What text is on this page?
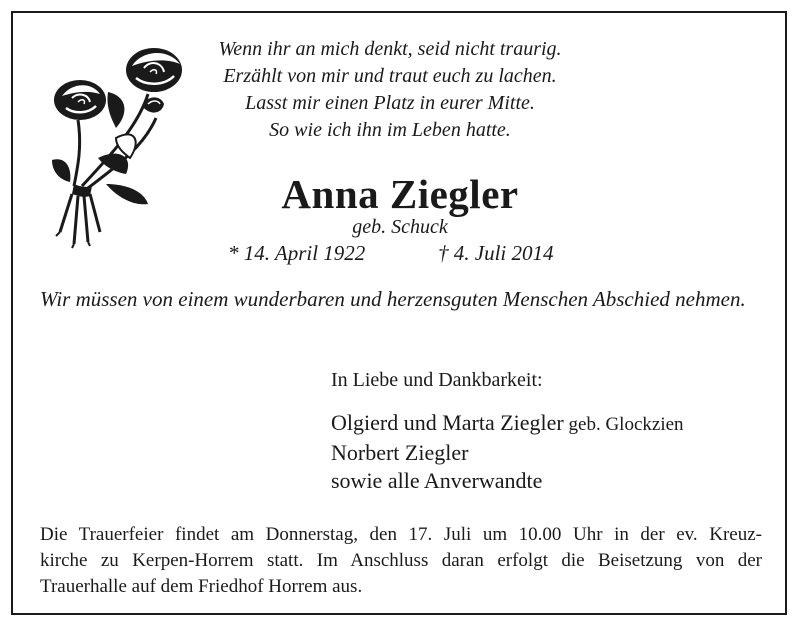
Wenn ihr an mich denkt, seid nicht traurig.
Erzählt von mir und traut euch zu lachen.
Lasst mir einen Platz in eurer Mitte.
So wie ich ihn im Leben hatte.
Anna Ziegler
geb. Schuck
* 14. April 1922	† 4. Juli 2014
Wir müssen von einem wunderbaren und herzensguten Menschen Abschied nehmen.
In Liebe und Dankbarkeit:
Olgierd und Marta Ziegler geb. Glockzien
Norbert Ziegler
sowie alle Anverwandte
Die Trauerfeier findet am Donnerstag, den 17. Juli um 10.00 Uhr in der ev. Kreuz-
kirche zu Kerpen-Horrem statt. Im Anschluss daran erfolgt die Beisetzung von der
Trauerhalle auf dem Friedhof Horrem aus.
